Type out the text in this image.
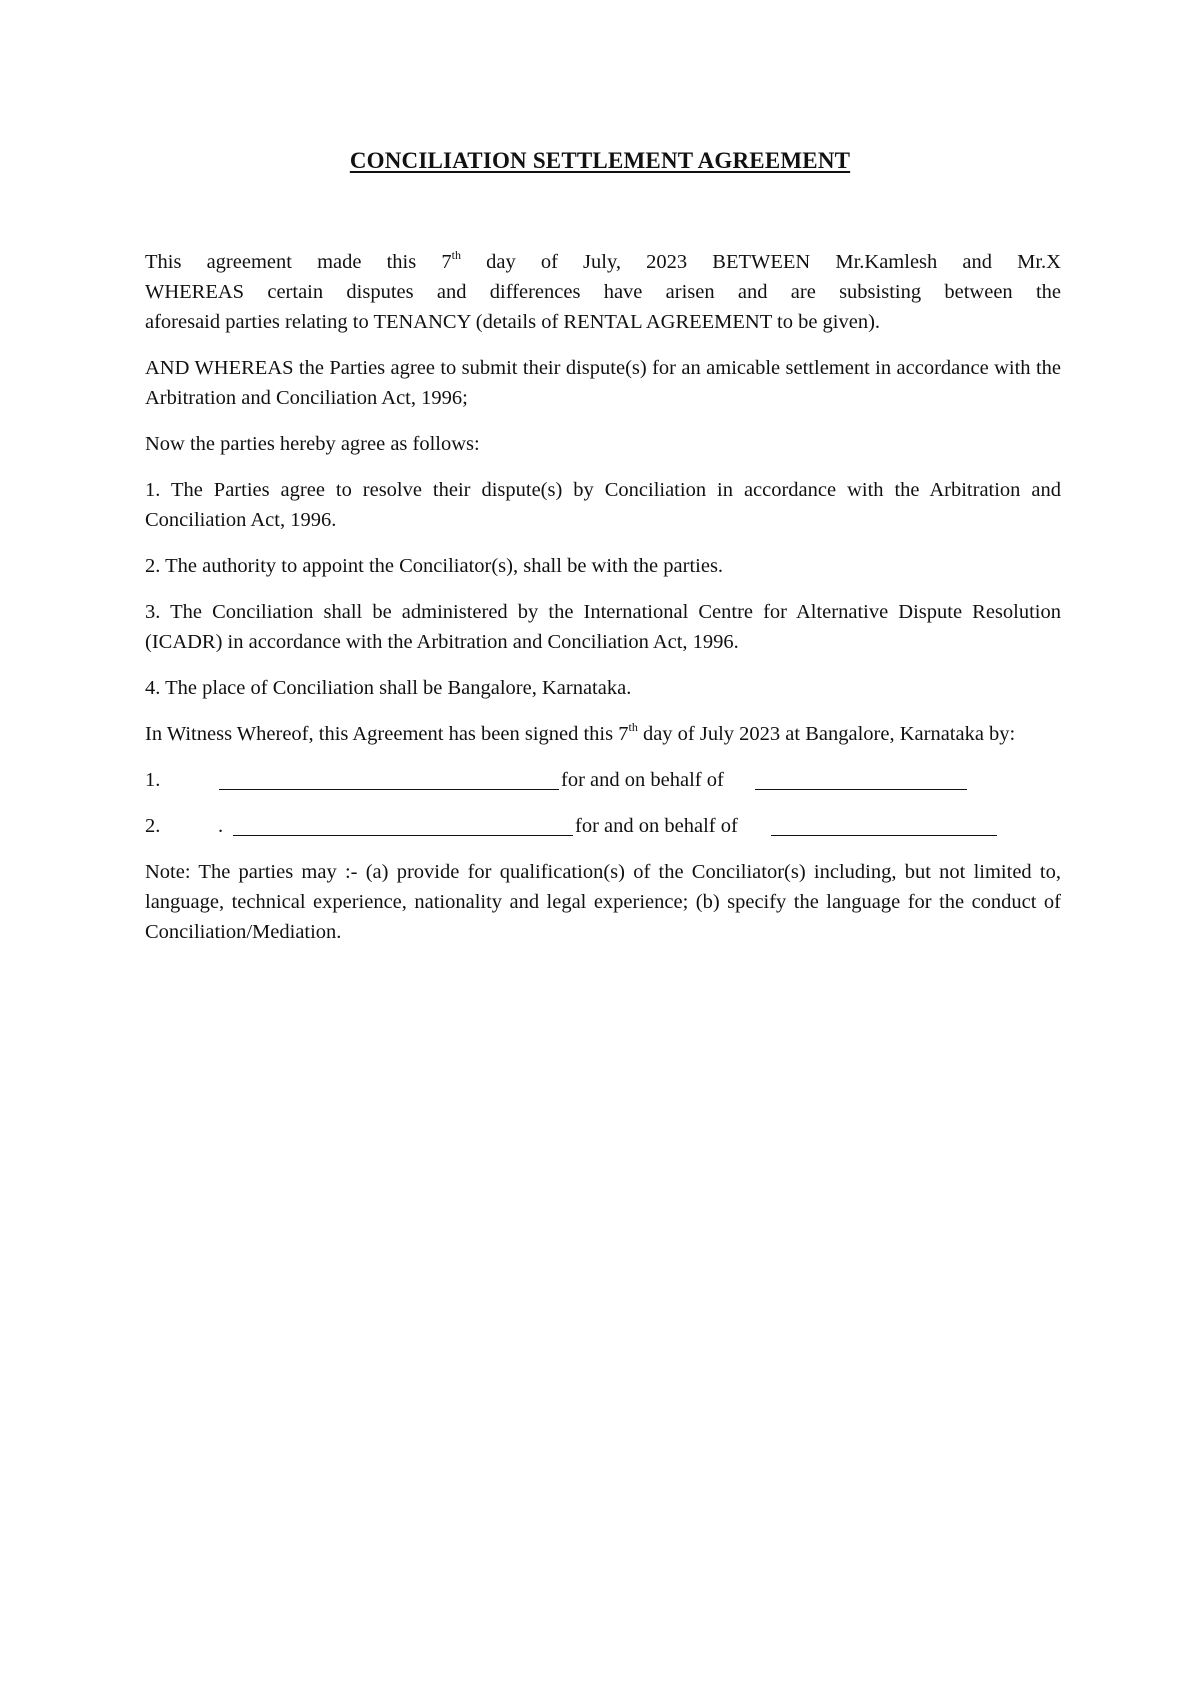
CONCILIATION SETTLEMENT AGREEMENT

This agreement made this 7th day of July, 2023 BETWEEN Mr.Kamlesh and Mr.X
WHEREAS certain disputes and differences have arisen and are subsisting between the
aforesaid parties relating to TENANCY (details of RENTAL AGREEMENT to be given).

AND WHEREAS the Parties agree to submit their dispute(s) for an amicable settlement in accordance with the Arbitration and Conciliation Act, 1996;

Now the parties hereby agree as follows:

1. The Parties agree to resolve their dispute(s) by Conciliation in accordance with the Arbitration and Conciliation Act, 1996.

2. The authority to appoint the Conciliator(s), shall be with the parties.

3. The Conciliation shall be administered by the International Centre for Alternative Dispute Resolution (ICADR) in accordance with the Arbitration and Conciliation Act, 1996.

4. The place of Conciliation shall be Bangalore, Karnataka.

In Witness Whereof, this Agreement has been signed this 7th day of July 2023 at Bangalore, Karnataka by:

1.	for and on behalf of
2.	.	for and on behalf of

Note: The parties may :- (a) provide for qualification(s) of the Conciliator(s) including, but not limited to, language, technical experience, nationality and legal experience; (b) specify the language for the conduct of Conciliation/Mediation.
